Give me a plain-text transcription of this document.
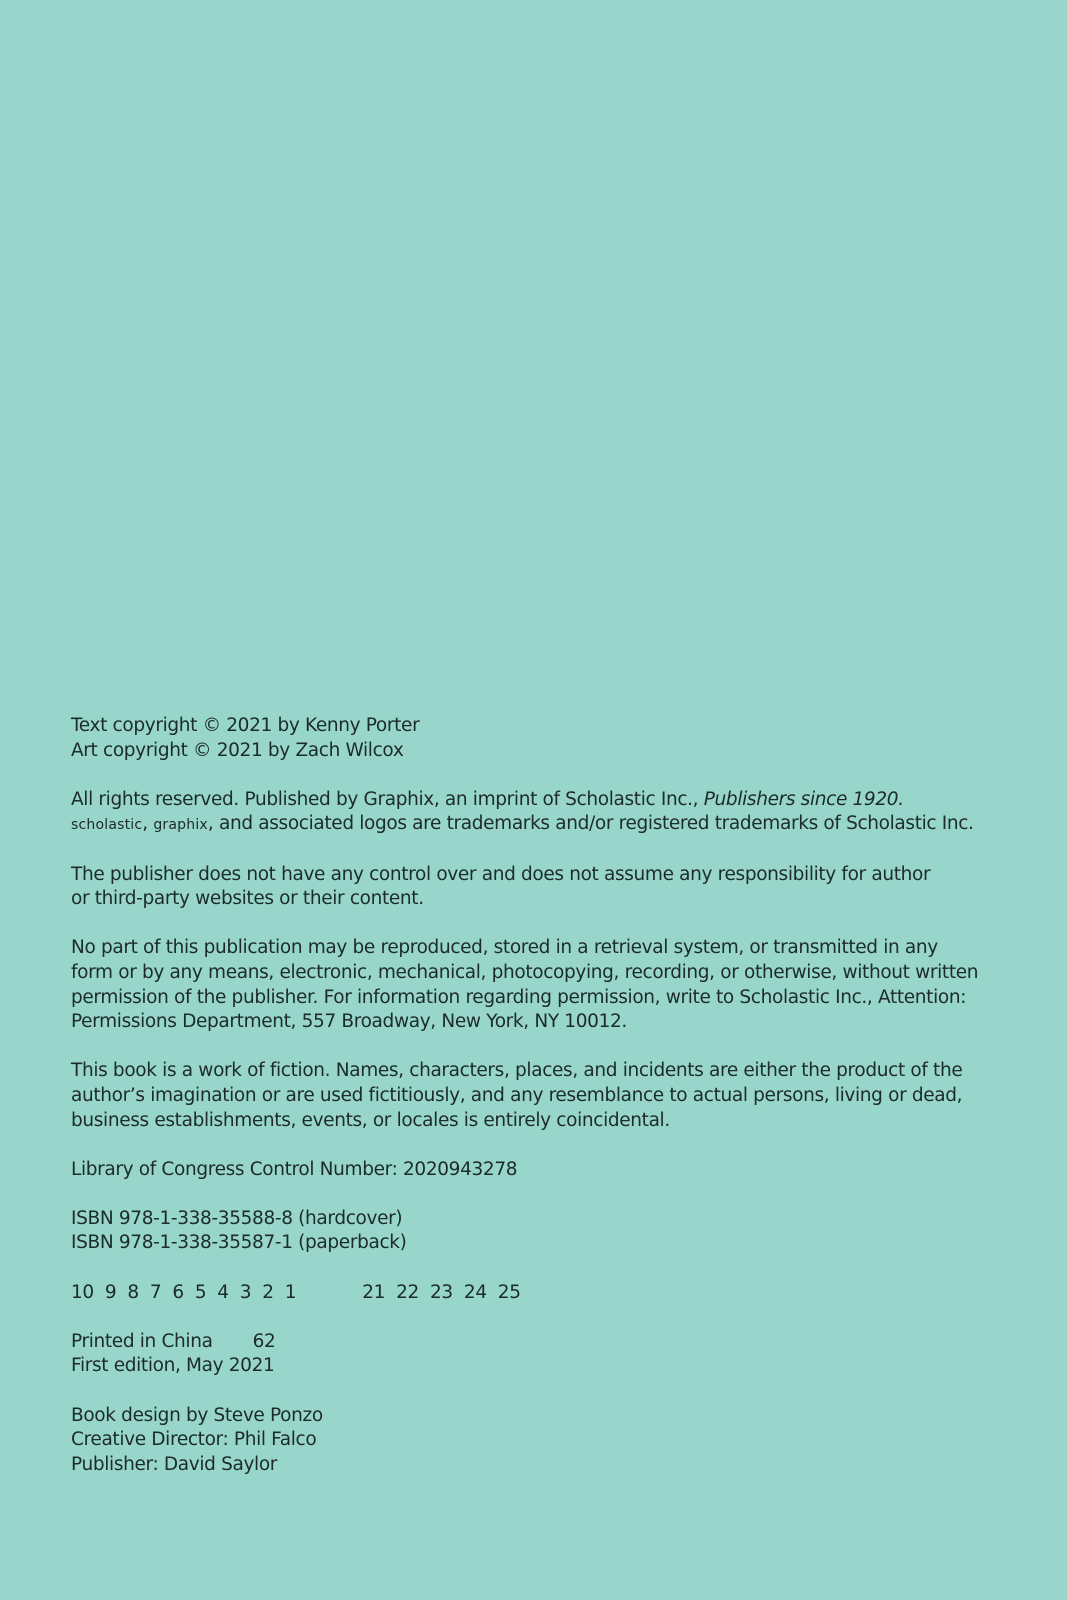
Text copyright © 2021 by Kenny Porter
Art copyright © 2021 by Zach Wilcox
All rights reserved. Published by Graphix, an imprint of Scholastic Inc., Publishers since 1920.
scholastic, graphix, and associated logos are trademarks and/or registered trademarks of Scholastic Inc.
The publisher does not have any control over and does not assume any responsibility for author
or third-party websites or their content.
No part of this publication may be reproduced, stored in a retrieval system, or transmitted in any
form or by any means, electronic, mechanical, photocopying, recording, or otherwise, without written
permission of the publisher. For information regarding permission, write to Scholastic Inc., Attention:
Permissions Department, 557 Broadway, New York, NY 10012.
This book is a work of fiction. Names, characters, places, and incidents are either the product of the
author’s imagination or are used fictitiously, and any resemblance to actual persons, living or dead,
business establishments, events, or locales is entirely coincidental.
Library of Congress Control Number: 2020943278
ISBN 978-1-338-35588-8 (hardcover)
ISBN 978-1-338-35587-1 (paperback)
10  9  8  7  6  5  4  3  2  1	21  22  23  24  25
Printed in China 62
First edition, May 2021
Book design by Steve Ponzo
Creative Director: Phil Falco
Publisher: David Saylor
